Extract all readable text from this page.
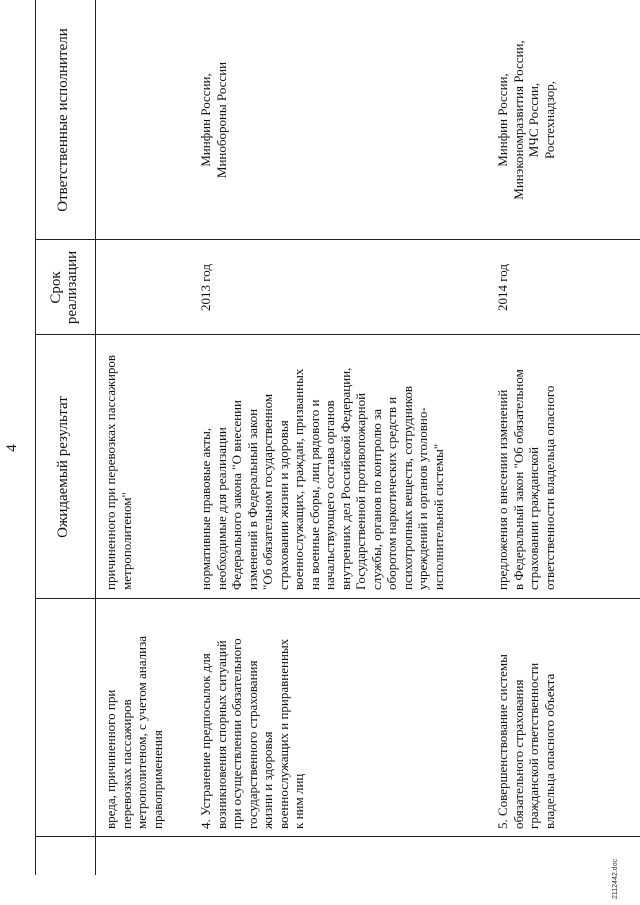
4 Ожидаемый результат
Срок
реализации
Ответственные исполнители
вреда, причиненного при
перевозках пассажиров
метрополитеном, с учетом анализа
правоприменения
причиненного при перевозках пассажиров
метрополитеном"
4. Устранение предпосылок для
возникновения спорных ситуаций
при осуществлении обязательного
государственного страхования
жизни и здоровья
военнослужащих и приравненных
к ним лиц
нормативные правовые акты,
необходимые для реализации
Федерального закона "О внесении
изменений в Федеральный закон
"Об обязательном государственном
страховании жизни и здоровья
военнослужащих, граждан, призванных
на военные сборы, лиц рядового и
начальствующего состава органов
внутренних дел Российской Федерации,
Государственной противопожарной
службы, органов по контролю за
оборотом наркотических средств и
психотропных веществ, сотрудников
учреждений и органов уголовно-
исполнительной системы"
2013 год
Минфин России,
Минобороны России
5. Совершенствование системы
обязательного страхования
гражданской ответственности
владельца опасного объекта
предложения о внесении изменений
в Федеральный закон "Об обязательном
страховании гражданской
ответственности владельца опасного
2014 год
Минфин России,
Минэкономразвития России,
МЧС России,
Ростехнадзор,
2112442.doc
